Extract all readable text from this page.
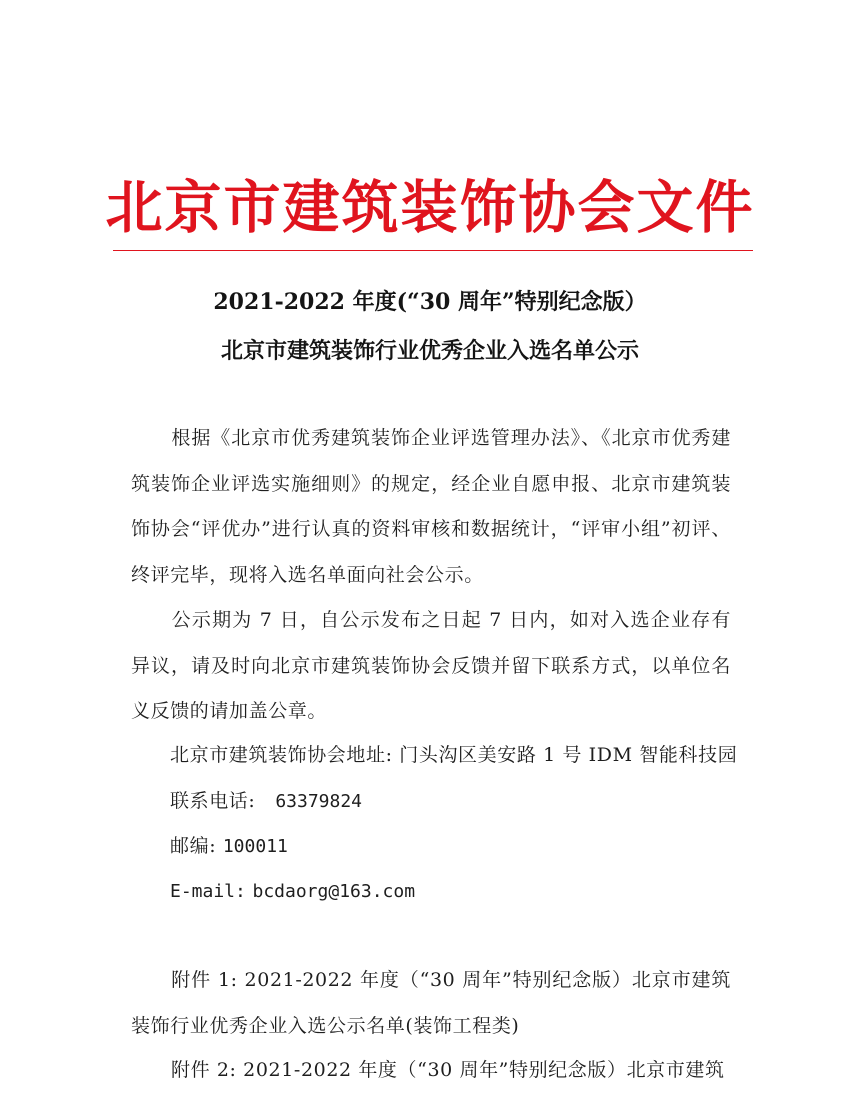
北京市建筑装饰协会文件
2021-2022 年度(“30 周年”特别纪念版）
北京市建筑装饰行业优秀企业入选名单公示
根据《北京市优秀建筑装饰企业评选管理办法》、《北京市优秀建筑装饰企业评选实施细则》的规定，经企业自愿申报、北京市建筑装饰协会“评优办”进行认真的资料审核和数据统计，“评审小组”初评、终评完毕，现将入选名单面向社会公示。
公示期为 7 日，自公示发布之日起 7 日内，如对入选企业存有异议，请及时向北京市建筑装饰协会反馈并留下联系方式，以单位名义反馈的请加盖公章。
北京市建筑装饰协会地址: 门头沟区美安路 1 号 IDM 智能科技园
联系电话: 63379824
邮编: 100011
E-mail: bcdaorg@163.com
附件 1: 2021-2022 年度（“30 周年”特别纪念版）北京市建筑装饰行业优秀企业入选公示名单(装饰工程类)
附件 2: 2021-2022 年度（“30 周年”特别纪念版）北京市建筑
